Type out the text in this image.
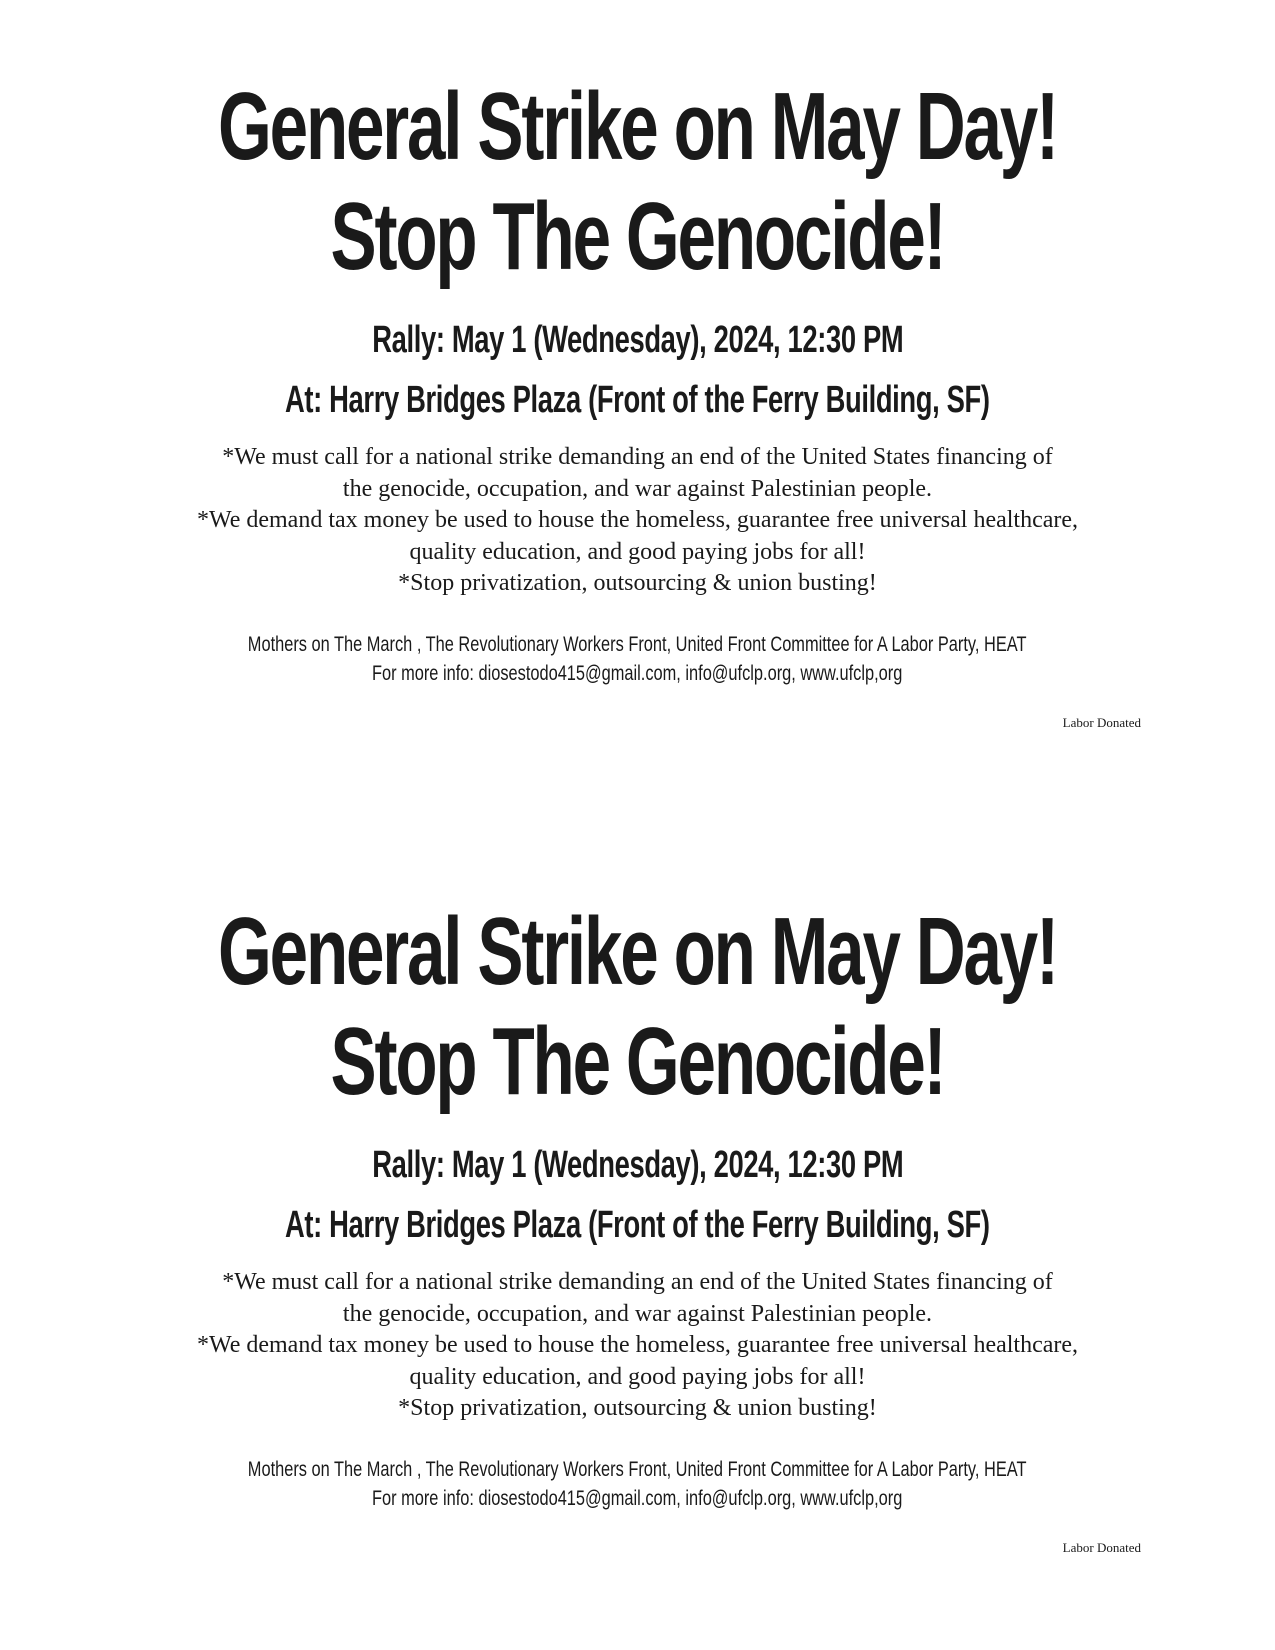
General Strike on May Day!
Stop The Genocide!
Rally: May 1 (Wednesday), 2024, 12:30 PM
At: Harry Bridges Plaza (Front of the Ferry Building, SF)

*We must call for a national strike demanding an end of the United States financing of

the genocide, occupation, and war against Palestinian people.

*We demand tax money be used to house the homeless, guarantee free universal healthcare,

quality education, and good paying jobs for all!

*Stop privatization, outsourcing & union busting!

Mothers on The March , The Revolutionary Workers Front, United Front Committee for A Labor Party, HEAT
For more info: diosestodo415@gmail.com, info@ufclp.org, www.ufclp,org
Labor Donated
General Strike on May Day!
Stop The Genocide!
Rally: May 1 (Wednesday), 2024, 12:30 PM
At: Harry Bridges Plaza (Front of the Ferry Building, SF)

*We must call for a national strike demanding an end of the United States financing of

the genocide, occupation, and war against Palestinian people.

*We demand tax money be used to house the homeless, guarantee free universal healthcare,

quality education, and good paying jobs for all!

*Stop privatization, outsourcing & union busting!

Mothers on The March , The Revolutionary Workers Front, United Front Committee for A Labor Party, HEAT
For more info: diosestodo415@gmail.com, info@ufclp.org, www.ufclp,org
Labor Donated
